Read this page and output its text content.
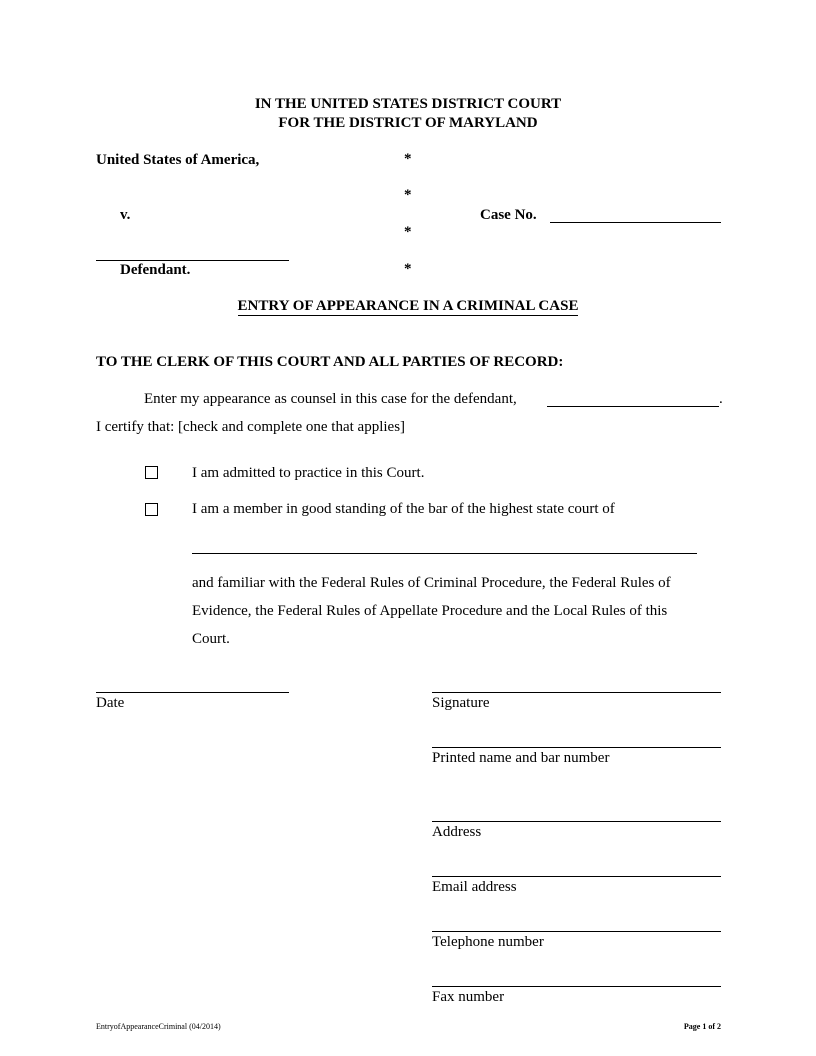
IN THE UNITED STATES DISTRICT COURT
FOR THE DISTRICT OF MARYLAND
United States of America,	*
*
v.	Case No.
*
*
Defendant.
ENTRY OF APPEARANCE IN A CRIMINAL CASE
TO THE CLERK OF THIS COURT AND ALL PARTIES OF RECORD:
Enter my appearance as counsel in this case for the defendant,	.
I certify that: [check and complete one that applies]
I am admitted to practice in this Court.
I am a member in good standing of the bar of the highest state court of
and familiar with the Federal Rules of Criminal Procedure, the Federal Rules of
Evidence, the Federal Rules of Appellate Procedure and the Local Rules of this
Court.
Date	Signature
Printed name and bar number
Address
Email address
Telephone number
Fax number
EntryofAppearanceCriminal (04/2014)	Page 1 of 2
